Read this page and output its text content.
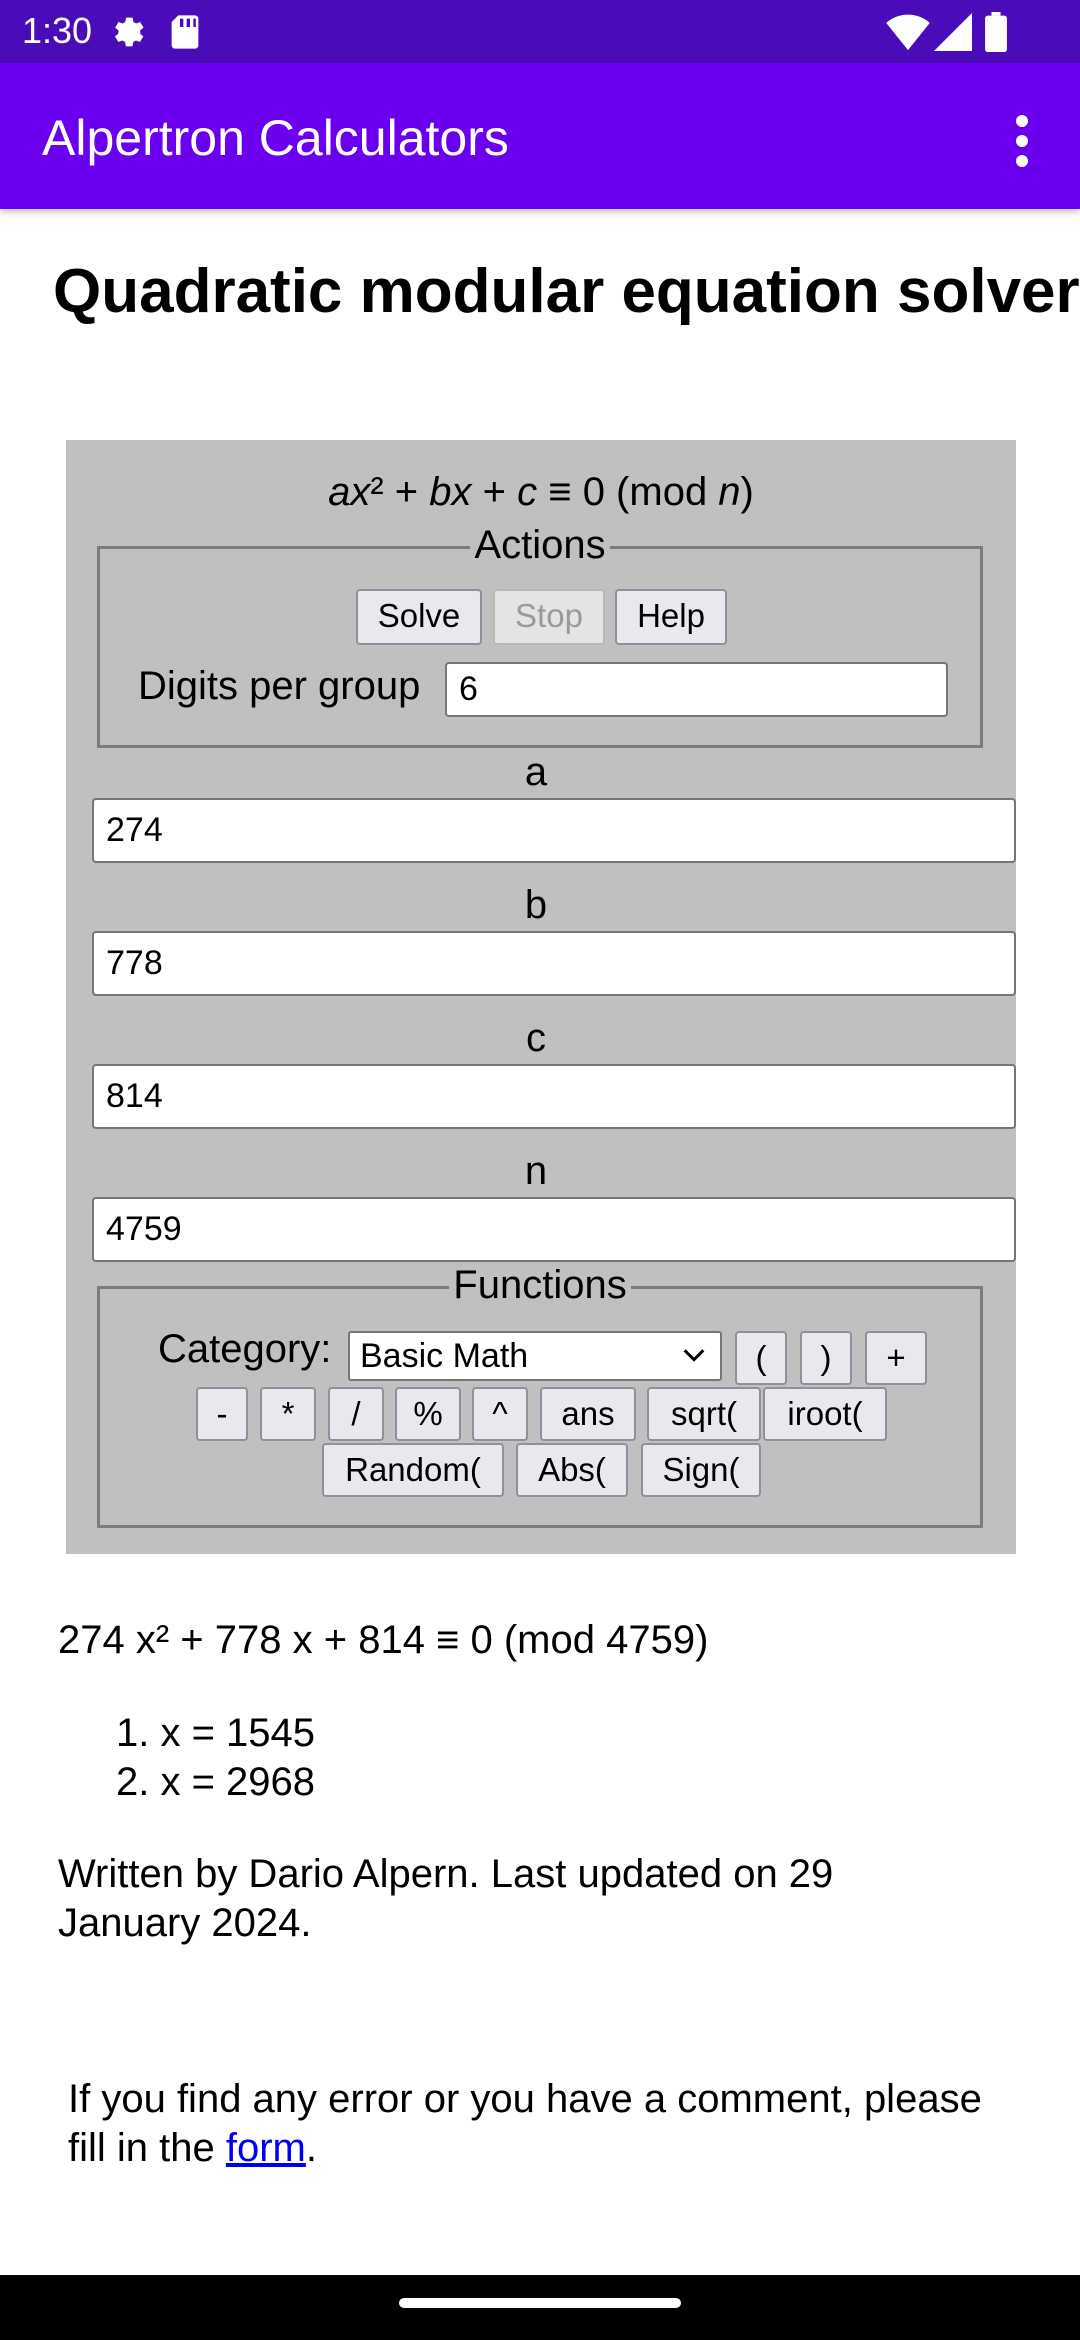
1:30
Alpertron Calculators
Quadratic modular equation solver
ax² + bx + c ≡ 0 (mod n)
Actions
Solve	Stop	Help
Digits per group	6
a
274
b
778
c
814
n
4759
Functions
Category: Basic Math	(	)	+
-	*	/	%	^	ans	sqrt(	iroot(
Random(	Abs(	Sign(
274 x² + 778 x + 814 ≡ 0 (mod 4759)
1. x = 1545
2. x = 2968
Written by Dario Alpern. Last updated on 29 January 2024.
If you find any error or you have a comment, please fill in the form.
